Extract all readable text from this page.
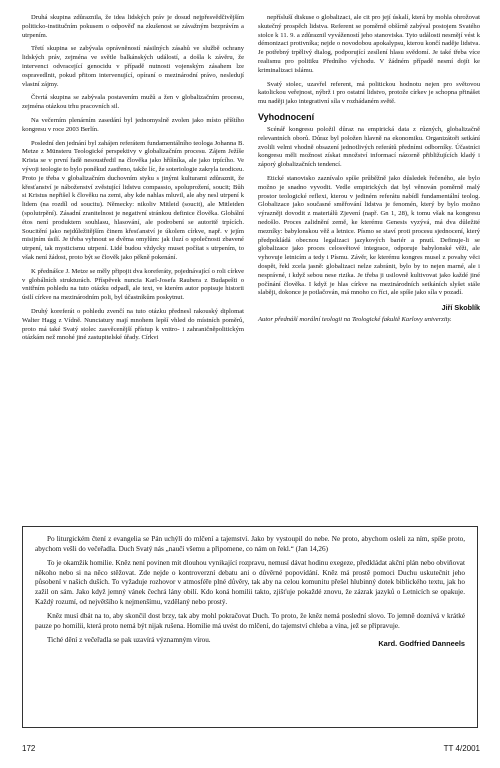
Druhá skupina zdůraznila, že idea lidských práv je dosud nejpřesvědčivějším politicko-institučním pokusem o odpověď na zkušenost se závažným bezprávím a utrpením.

Třetí skupina se zabývala oprávněností násilných zásahů ve službě ochrany lidských práv, zejména ve světle balkánských událostí, a došla k závěru, že intervenci odvracející genocidu v případě nutnosti vojenským zásahem lze ospravedlnit, pokud přitom intervenující, opíraní o mezinárodní právo, nesledují vlastní zájmy.

Čtvrtá skupina se zabývala postavením mužů a žen v globalizačním procesu, zejména otázkou trhu pracovních sil.

Na večerním plenárním zasedání byl jednomyslně zvolen jako místo příštího kongresu v roce 2003 Berlín.

Poslední den jednání byl zahájen referátem fundamentálního teologa Johanna B. Metze z Münsteru Teologické perspektivy v globalizačním procesu. Zájem Ježíše Krista se v první řadě nesoustředil na člověka jako hříšníka, ale jako trpícího. Ve vývoji teologie to bylo poněkud zastřeno, takže líc, že soteriologie zakryla teodiceu. Proto je třeba v globalizačním duchovním styku s jinými kulturami zdůraznit, že křesťanství je náboženství zvěstující lidstvu compassio, spoluprožení, soucit; Bůh si Kristus nepřišel k člověku na zemi, aby kde nahlas mluvil, ale aby nesl utrpení k lidem (na rozdíl od soucitu). Německy: nikoliv Mitleid (soucit), ale Mitleiden (spolutrpění). Zásadní zranitelnost je negativní stránkou definice člověka. Globální étos není produktem souhlasu, hlasování, ale podrobení se autoritě trpících. Soucitění jako nejdůležitějším činem křesťanství je úkolem církve, např. v jejím misijním úsilí. Je třeba vyhnout se dvěma omylům: jak iluzí o společnosti zbavené utrpení, tak mysticismu utrpení. Lidé budou vždycky muset počítat s utrpením, to však není žádost, proto být se člověk jako pěkně pokenání.

K přednášce J. Metze se měly připojit dva koreferáty, pojednávající o roli církve v globálních strukturách. Příspěvek nuncia Karl-Josefa Raubera z Budapešti o vnitřním pohledu na tuto otázku odpadl, ale text, ve kterém autor popisuje historii úsilí církve na mezinárodním poli, byl účastníkům poskytnut.

Druhý koreferát o pohledu zvenčí na tuto otázku přednesl rakouský diplomat Walter Hagg z Vídně. Nunciatury mají mnohem lepší vhled do místních poměrů, proto má také Svatý stolec zasvěcenější přístup k vnitro- i zahraničněpolitickým otázkám než mnohé jiné zastupitelské úřady. Církvi

nepřísluší diskuse o globalizaci, ale cit pro její úskalí, která by mohla ohrožovat skutečný prospěch lidstva. Referent se poměrně obšírně zabýval postojem Svatého stolce k 11. 9. a zdůraznil vyvážeností jeho stanoviska. Tyto události nesmějí vést k démonizaci protivníka; nejde o novodobou apokalypsu, kterou končí naděje lidstva. Je potřebný trpělivý dialog, podporující zesílení hlasu svědomí. Je také třeba více realismu pro politiku Předního východu. V žádném případě nesmí dojít ke kriminalizaci islámu.

Svatý stolec, uzavřel referent, má politickou hodnotu nejen pro světovou katolickou veřejnost, nýbrž i pro ostatní lidstvo, protože církev je schopna přinášet mu naději jako integrativní síla v rozhádaném světě.

Vyhodnocení

Scénář kongresu položil důraz na empirická data z různých, globalizačně relevantních oborů. Důraz byl položen hlavně na ekonomiku. Organizátoři setkání zvolili velmi vhodně obsazení jednotlivých referátů předními odborníky. Účastníci kongresu měli možnost získat množství informací názorně přibližujících kladý i záporý globalizačních tendencí.

Etické stanovisko zaznívalo spíše průběžně jako důsledek řečeného, ale bylo možno je snadno vyvodit. Vedle empirických dat byl věnován poměrně malý prostor teologické reflexi, kterou v jediném referátu nabídl fundamentální teolog. Globalizace jako současné směřování lidstva je fenomén, který by bylo možno výrazněji dovodit z materiálů Zjevení (např. Gn 1, 28), k tomu však na kongresu nedošlo. Proces zalidnění země, ke kterému Genesis vyzývá, má dva důležité mezníky: babylonskou věž a letnice. Písmo se staví proti procesu sjednocení, který předpokládá obecnou legalizaci jazykových bariér a pnutí. Definuje-li se globalizace jako proces celosvětové integrace, odporuje babylonské věži, ale vyhovuje letnicím a tedy i Písmu. Závěr, ke kterému kongres musel z povahy věci dospět, řekl zcela jasně: globalizaci nelze zabránit, bylo by to nejen marné, ale i nesprávné, i když sebou nese rizika. Je třeba ji usilovně kultivovat jako každé jiné počínání člověka. I když je hlas církve na mezinárodních setkáních slyšet stále slaběji, dokonce je potlačován, má mnoho co říci, ale spíše jako síla v pozadí.

Jiří Skoblík

Autor přednáší morální teologii na Teologické fakultě Karlovy univerzity.

Po liturgickém čtení z evangelia se Pán uchýlí do mlčení a tajemství. Jako by vystoupil do nebe. Ne proto, abychom osleli za ním, spíše proto, abychom vešli do večeřadla. Duch Svatý nás „naučí všemu a připomene, co nám on řekl.“ (Jan 14,26)

To je okamžik homilie. Kněz není povinen mít dlouhou vynikající rozpravu, nemusí dávat hodinu exegeze, předkládat akční plán nebo obviňovat někoho nebo si na něco stěžovat. Zde nejde o kontroverzní debatu ani o důvěrné popovídání. Kněz má prostě pomoci Duchu uskutečnit jeho působení v našich duších. To vyžaduje rozhovor v atmosféře plné důvěry, tak aby na celou komunitu přešel hlubinný dotek biblického textu, jak ho zažil on sám. Jako když jemný vánek čechrá lány obilí. Kdo koná homilii takto, zjišťuje pokaždé znovu, že zázrak jazyků o Letnicích se opakuje. Každý rozumí, od největšího k nejmenšímu, vzdělaný nebo prostý.

Kněz musí dbát na to, aby skončil dost brzy, tak aby mohl pokračovat Duch. To proto, že kněz nemá poslední slovo. To jemně doznívá v krátké pauze po homilii, která proto nemá být nijak rušena. Homilie má uvést do mlčení, do tajemství chleba a vína, jež se připravuje.

Tiché dění z večeřadla se pak uzavírá významným vírou.	Kard. Godfried Danneels
172	TT 4/2001
